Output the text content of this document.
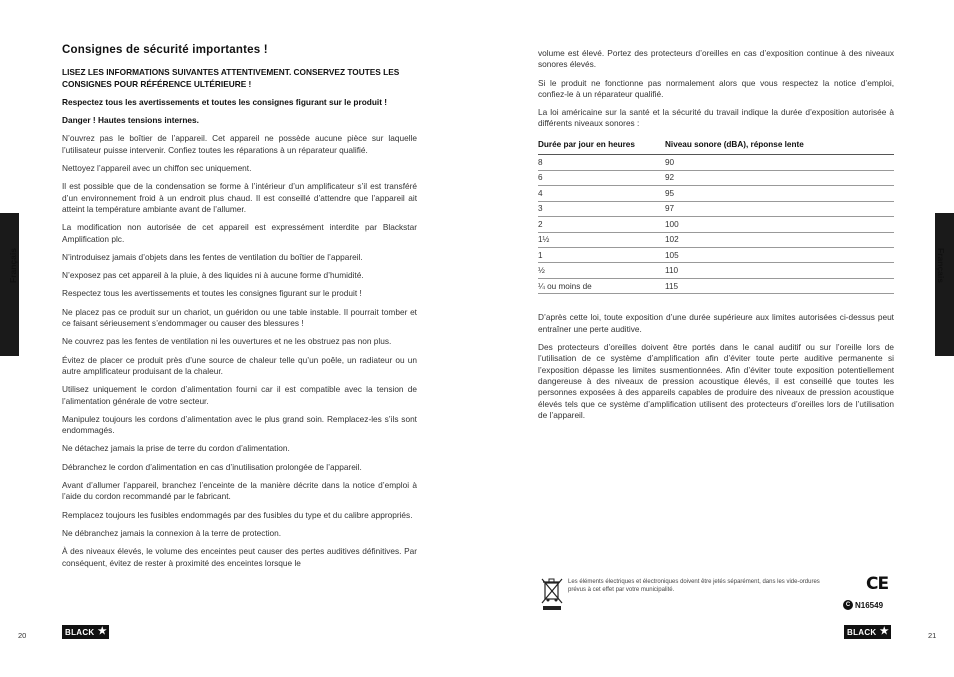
Français
Consignes de sécurité importantes !
LISEZ LES INFORMATIONS SUIVANTES ATTENTIVEMENT. CONSERVEZ TOUTES LES CONSIGNES POUR RÉFÉRENCE ULTÉRIEURE !
Respectez tous les avertissements et toutes les consignes figurant sur le produit !
Danger ! Hautes tensions internes.

N’ouvrez pas le boîtier de l’appareil. Cet appareil ne possède aucune pièce sur laquelle l’utilisateur puisse intervenir. Confiez toutes les réparations à un réparateur qualifié.

Nettoyez l’appareil avec un chiffon sec uniquement.

Il est possible que de la condensation se forme à l’intérieur d’un amplificateur s’il est transféré d’un environnement froid à un endroit plus chaud. Il est conseillé d’attendre que l’appareil ait atteint la température ambiante avant de l’allumer.

La modification non autorisée de cet appareil est expressément interdite par Blackstar Amplification plc.

N’introduisez jamais d’objets dans les fentes de ventilation du boîtier de l’appareil.

N’exposez pas cet appareil à la pluie, à des liquides ni à aucune forme d’humidité.

Respectez tous les avertissements et toutes les consignes figurant sur le produit !

Ne placez pas ce produit sur un chariot, un guéridon ou une table instable. Il pourrait tomber et ce faisant sérieusement s’endommager ou causer des blessures !

Ne couvrez pas les fentes de ventilation ni les ouvertures et ne les obstruez pas non plus.

Évitez de placer ce produit près d’une source de chaleur telle qu’un poêle, un radiateur ou un autre amplificateur produisant de la chaleur.

Utilisez uniquement le cordon d’alimentation fourni car il est compatible avec la tension de l’alimentation générale de votre secteur.

Manipulez toujours les cordons d’alimentation avec le plus grand soin. Remplacez-les s’ils sont endommagés.

Ne détachez jamais la prise de terre du cordon d’alimentation.

Débranchez le cordon d’alimentation en cas d’inutilisation prolongée de l’appareil.

Avant d’allumer l’appareil, branchez l’enceinte de la manière décrite dans la notice d’emploi à l’aide du cordon recommandé par le fabricant.

Remplacez toujours les fusibles endommagés par des fusibles du type et du calibre appropriés.

Ne débranchez jamais la connexion à la terre de protection.

À des niveaux élevés, le volume des enceintes peut causer des pertes auditives définitives. Par conséquent, évitez de rester à proximité des enceintes lorsque le

20	BLACK ★
Français

volume est élevé. Portez des protecteurs d’oreilles en cas d’exposition continue à des niveaux sonores élevés.

Si le produit ne fonctionne pas normalement alors que vous respectez la notice d’emploi, confiez-le à un réparateur qualifié.

La loi américaine sur la santé et la sécurité du travail indique la durée d’exposition autorisée à différents niveaux sonores :

Durée par jour en heures	Niveau sonore (dBA), réponse lente
8	90
6	92
4	95
3	97
2	100
1½	102
1	105
½	110
¼ ou moins de	115

D’après cette loi, toute exposition d’une durée supérieure aux limites autorisées ci-dessus peut entraîner une perte auditive.

Des protecteurs d’oreilles doivent être portés dans le canal auditif ou sur l’oreille lors de l’utilisation de ce système d’amplification afin d’éviter toute perte auditive permanente si l’exposition dépasse les limites susmentionnées. Afin d’éviter toute exposition potentiellement dangereuse à des niveaux de pression acoustique élevés, il est conseillé que toutes les personnes exposées à des appareils capables de produire des niveaux de pression acoustique élevés tels que ce système d’amplification utilisent des protecteurs d’oreilles lors de l’utilisation de l’appareil.

Les éléments électriques et électroniques doivent être jetés séparément, dans les vide-ordures prévus à cet effet par votre municipalité.	CE
C N16549
BLACK ★	21
